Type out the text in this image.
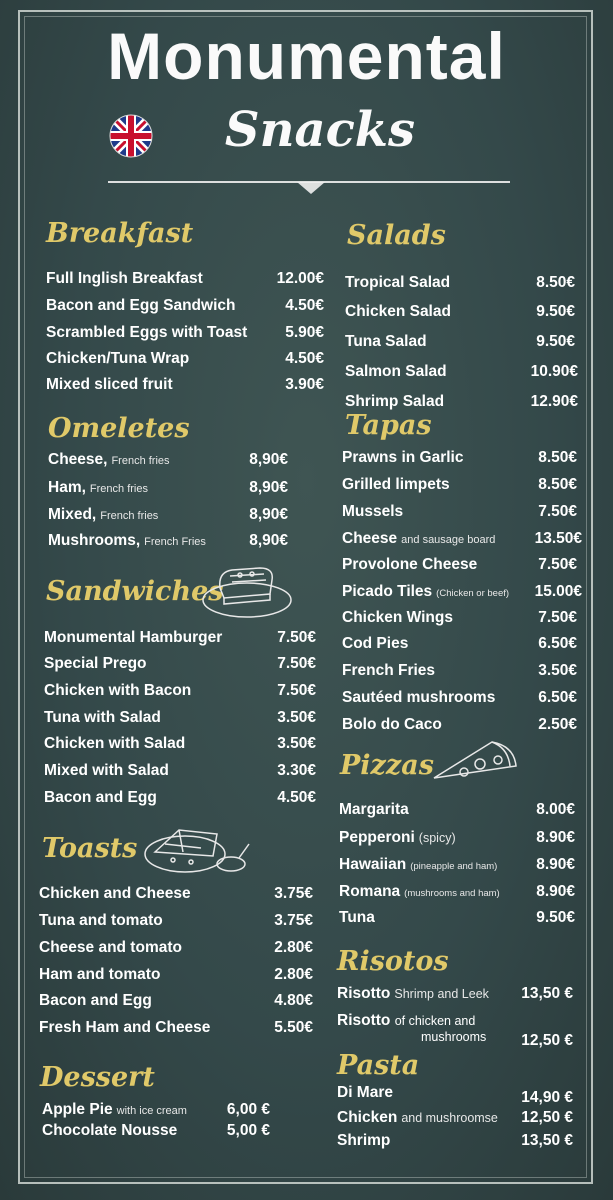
Monumental
Snacks
Breakfast
Full Inglish Breakfast	12.00€
Bacon and Egg Sandwich	4.50€
Scrambled Eggs with Toast 5.90€
Chicken/Tuna Wrap	4.50€
Mixed sliced fruit	3.90€
Omeletes
Cheese, French fries	8,90€
Ham, French fries	8,90€
Mixed, French fries	8,90€
Mushrooms, French Fries	8,90€
Sandwiches
Monumental Hamburger	7.50€
Special Prego	7.50€
Chicken with Bacon	7.50€
Tuna with Salad	3.50€
Chicken with Salad	3.50€
Mixed with Salad	3.30€
Bacon and Egg	4.50€
Toasts
Chicken and Cheese	3.75€
Tuna and tomato	3.75€
Cheese and tomato	2.80€
Ham and tomato	2.80€
Bacon and Egg	4.80€
Fresh Ham and Cheese	5.50€
Dessert
Apple Pie with ice cream	6,00 €
Chocolate Nousse	5,00 €
Salads
Tropical Salad	8.50€
Chicken Salad	9.50€
Tuna Salad	9.50€
Salmon Salad	10.90€
Shrimp Salad	12.90€
Tapas
Prawns in Garlic	8.50€
Grilled limpets	8.50€
Mussels	7.50€
Cheese and sausage board	13.50€
Provolone Cheese	7.50€
Picado Tiles (Chicken or beef) 15.00€
Chicken Wings	7.50€
Cod Pies	6.50€
French Fries	3.50€
Sautéed mushrooms	6.50€
Bolo do Caco	2.50€
Pizzas
Margarita	8.00€
Pepperoni (spicy)	8.90€
Hawaiian (pineapple and ham)	8.90€
Romana (mushrooms and ham) 8.90€
Tuna	9.50€
Risotos
Risotto Shrimp and Leek 13,50 €
Risotto of chicken and
mushrooms 12,50 €
Pasta
Di Mare	14,90 €
Chicken and mushroomse 12,50 €
Shrimp	13,50 €
